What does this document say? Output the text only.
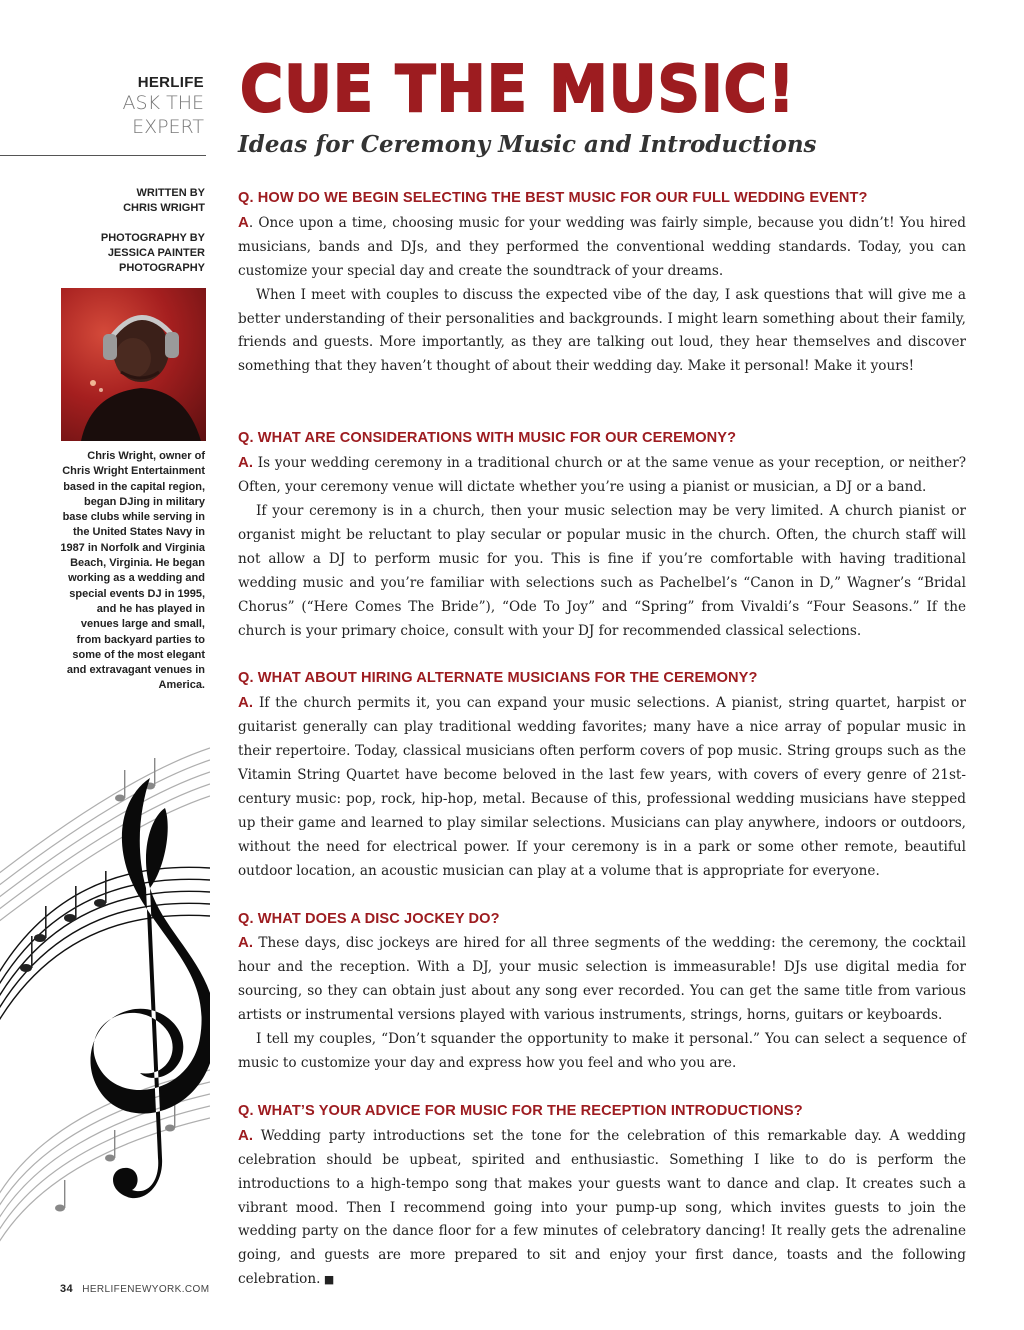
HERLIFE
ASK THE
EXPERT CUE THE MUSIC!
Ideas for Ceremony Music and Introductions

WRITTEN BY
CHRIS WRIGHT

PHOTOGRAPHY BY
JESSICA PAINTER
PHOTOGRAPHY

Chris Wright, owner of Chris Wright Entertainment based in the capital region, began DJing in military base clubs while serving in the United States Navy in 1987 in Norfolk and Virginia Beach, Virginia. He began working as a wedding and special events DJ in 1995, and he has played in venues large and small, from backyard parties to some of the most elegant and extravagant venues in America.

Q. HOW DO WE BEGIN SELECTING THE BEST MUSIC FOR OUR FULL WEDDING EVENT?

A. Once upon a time, choosing music for your wedding was fairly simple, because you didn’t! You hired musicians, bands and DJs, and they performed the conventional wedding standards. Today, you can customize your special day and create the soundtrack of your dreams.

When I meet with couples to discuss the expected vibe of the day, I ask questions that will give me a better understanding of their personalities and backgrounds. I might learn something about their family, friends and guests. More importantly, as they are talking out loud, they hear themselves and discover something that they haven’t thought of about their wedding day. Make it personal! Make it yours!

Q. WHAT ARE CONSIDERATIONS WITH MUSIC FOR OUR CEREMONY?

A. Is your wedding ceremony in a traditional church or at the same venue as your reception, or neither? Often, your ceremony venue will dictate whether you’re using a pianist or musician, a DJ or a band.

If your ceremony is in a church, then your music selection may be very limited. A church pianist or organist might be reluctant to play secular or popular music in the church. Often, the church staff will not allow a DJ to perform music for you. This is fine if you’re comfortable with having traditional wedding music and you’re familiar with selections such as Pachelbel’s “Canon in D,” Wagner’s “Bridal Chorus” (“Here Comes The Bride”), “Ode To Joy” and “Spring” from Vivaldi’s “Four Seasons.” If the church is your primary choice, consult with your DJ for recommended classical selections.

Q. WHAT ABOUT HIRING ALTERNATE MUSICIANS FOR THE CEREMONY?

A. If the church permits it, you can expand your music selections. A pianist, string quartet, harpist or guitarist generally can play traditional wedding favorites; many have a nice array of popular music in their repertoire. Today, classical musicians often perform covers of pop music. String groups such as the Vitamin String Quartet have become beloved in the last few years, with covers of every genre of 21st-century music: pop, rock, hip-hop, metal. Because of this, professional wedding musicians have stepped up their game and learned to play similar selections. Musicians can play anywhere, indoors or outdoors, without the need for electrical power. If your ceremony is in a park or some other remote, beautiful outdoor location, an acoustic musician can play at a volume that is appropriate for everyone.

Q. WHAT DOES A DISC JOCKEY DO?

A. These days, disc jockeys are hired for all three segments of the wedding: the ceremony, the cocktail hour and the reception. With a DJ, your music selection is immeasurable! DJs use digital media for sourcing, so they can obtain just about any song ever recorded. You can get the same title from various artists or instrumental versions played with various instruments, strings, horns, guitars or keyboards.

I tell my couples, “Don’t squander the opportunity to make it personal.” You can select a sequence of music to customize your day and express how you feel and who you are.

Q. WHAT’S YOUR ADVICE FOR MUSIC FOR THE RECEPTION INTRODUCTIONS?

A. Wedding party introductions set the tone for the celebration of this remarkable day. A wedding celebration should be upbeat, spirited and enthusiastic. Something I like to do is perform the introductions to a high-tempo song that makes your guests want to dance and clap. It creates such a vibrant mood. Then I recommend going into your pump-up song, which invites guests to join the wedding party on the dance floor for a few minutes of celebratory dancing! It really gets the adrenaline going, and guests are more prepared to sit and enjoy your first dance, toasts and the following celebration. ■

34 HERLIFENEWYORK.COM
